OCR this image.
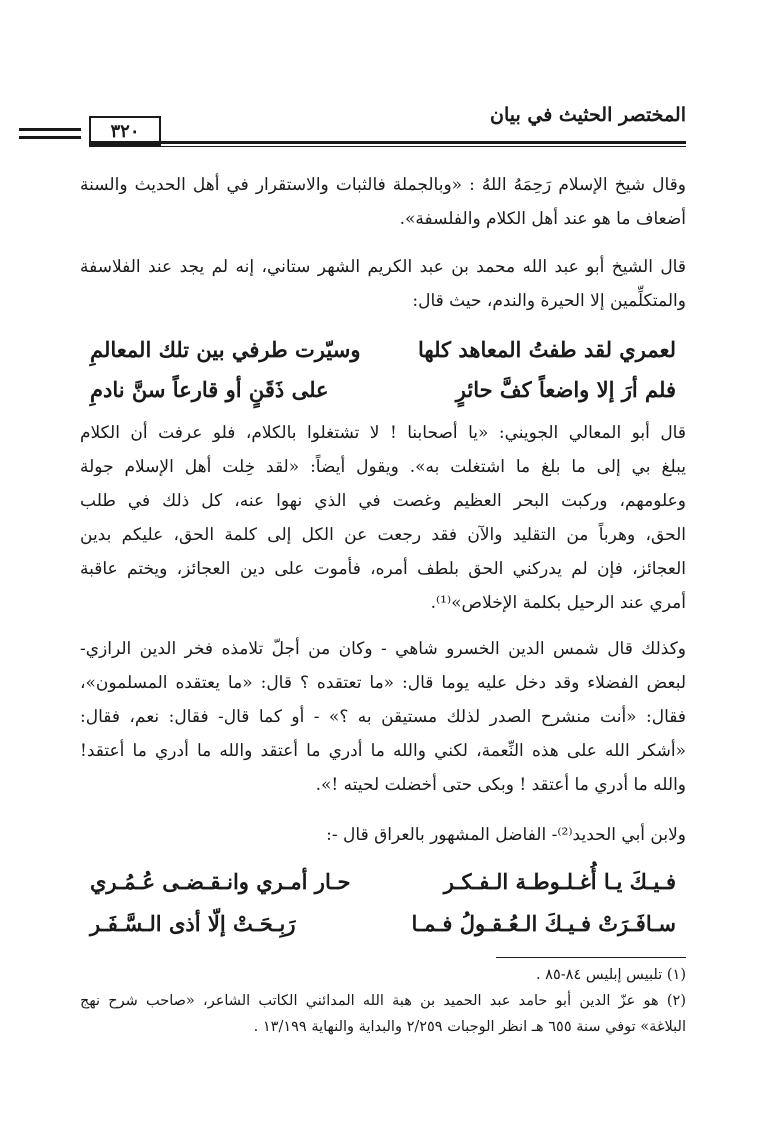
المختصر الحثيث في بيان
٣٢٠
وقال شيخ الإسلام رَحِمَهُ اللهُ : «وبالجملة فالثبات والاستقرار في أهل الحديث والسنة
أضعاف ما هو عند أهل الكلام والفلسفة».
قال الشيخ أبو عبد الله محمد بن عبد الكريم الشهر ستاني، إنه لم يجد عند الفلاسفة
والمتكلِّمين إلا الحيرة والندم، حيث قال:
لعمري لقد طفتُ المعاهد كلها
وسيّرت طرفي بين تلك المعالمِ
فلم أرَ إلا واضعاً كفَّ حائرٍ
على ذَقَنٍ أو قارعاً سنَّ نادمِ
قال أبو المعالي الجويني: «يا أصحابنا ! لا تشتغلوا بالكلام، فلو عرفت أن الكلام
يبلغ بي إلى ما بلغ ما اشتغلت به». ويقول أيضاً: «لقد خِلت أهل الإسلام جولة
وعلومهم، وركبت البحر العظيم وغصت في الذي نهوا عنه، كل ذلك في طلب
الحق، وهرباً من التقليد والآن فقد رجعت عن الكل إلى كلمة الحق، عليكم بدين
العجائز، فإن لم يدركني الحق بلطف أمره، فأموت على دين العجائز، ويختم عاقبة
أمري عند الرحيل بكلمة الإخلاص»⁽¹⁾.
وكذلك قال شمس الدين الخسرو شاهي - وكان من أجلّ تلامذه فخر الدين الرازي-
لبعض الفضلاء وقد دخل عليه يوما قال: «ما تعتقده ؟ قال: «ما يعتقده المسلمون»،
فقال: «أنت منشرح الصدر لذلك مستيقن به ؟» - أو كما قال- فقال: نعم، فقال:
«أشكر الله على هذه النِّعمة، لكني والله ما أدري ما أعتقد والله ما أدري ما أعتقد!
والله ما أدري ما أعتقد ! وبكى حتى أخضلت لحيته !».
ولابن أبي الحديد⁽²⁾- الفاضل المشهور بالعراق قال -:
فـيـكَ يـا أُغـلـوطـة الـفـكـر
حـار أمـري وانـقـضـى عُـمُـري
سـافَـرَتْ فـيـكَ الـعُـقـولُ فـمـا
رَبِـحَـتْ إلّا أذى الـسَّـفَـر
(١) تلبيس إبليس ٨٤-٨٥ .
(٢) هو عزّ الدين أبو حامد عبد الحميد بن هبة الله المدائني الكاتب الشاعر، «صاحب شرح نهج
البلاغة» توفي سنة ٦٥٥ هـ انظر الوجبات ٢/٢٥٩ والبداية والنهاية ١٣/١٩٩ .
